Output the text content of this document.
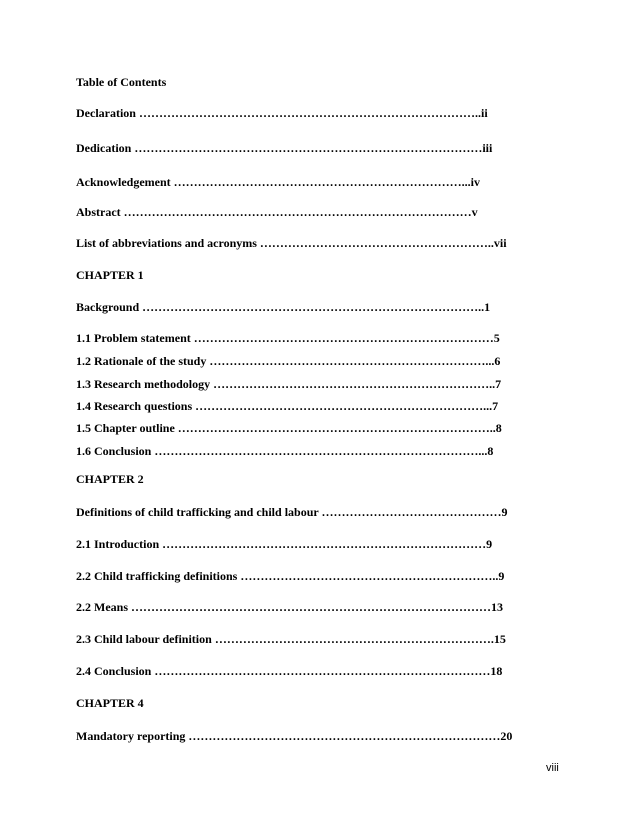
Table of Contents
Declaration …………………………………………………………………………..ii
Dedication ……………………………………………………………………………iii
Acknowledgement ………………………………………………………………...iv
Abstract ……………………………………………………………………………v
List of abbreviations and acronyms …………………………………………………..vii
CHAPTER 1
Background …………………………………………………………………………..1
1.1 Problem statement …………………………………………………………………5
1.2 Rationale of the study ……………………………………………………………...6
1.3 Research methodology ……………………………………………………………..7
1.4 Research questions ………………………………………………………………...7
1.5 Chapter outline ……………………………………………………………………..8
1.6 Conclusion ………………………………………………………………………...8
CHAPTER 2
Definitions of child trafficking and child labour ………………………………………9
2.1 Introduction ………………………………………………………………………9
2.2 Child trafficking definitions ………………………………………………………..9
2.2 Means ………………………………………………………………………………13
2.3 Child labour definition …………………………………………………………….15
2.4 Conclusion …………………………………………………………………………18
CHAPTER 4
Mandatory reporting ……………………………………………………………………20
viii
